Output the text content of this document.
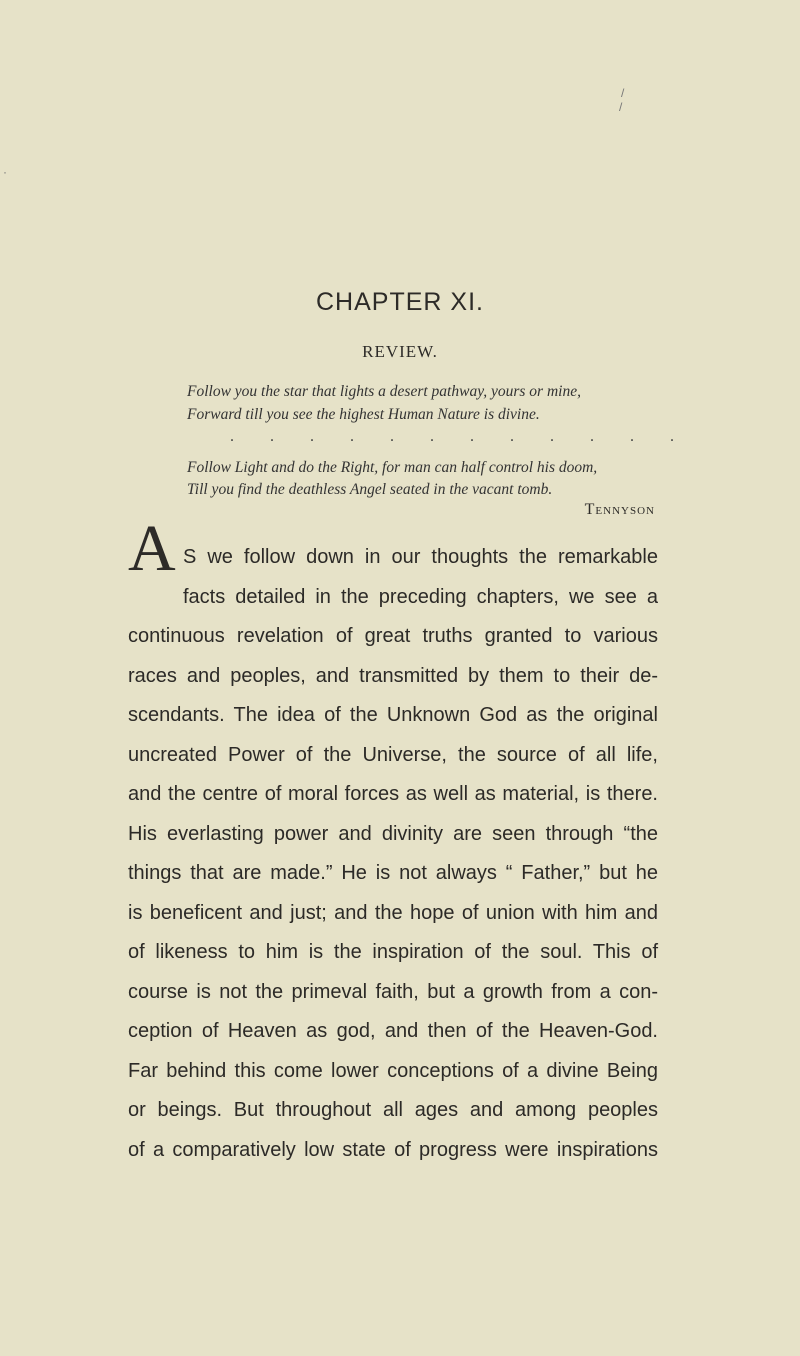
/
/
·
CHAPTER XI.
REVIEW.
Follow you the star that lights a desert pathway, yours or mine,
Forward till you see the highest Human Nature is divine.
. . . . . . . . . . . .
Follow Light and do the Right, for man can half control his doom,
Till you find the deathless Angel seated in the vacant tomb.
Tennyson
A S we follow down in our thoughts the remarkable
facts detailed in the preceding chapters, we see a
continuous revelation of great truths granted to various
races and peoples, and transmitted by them to their de-
scendants. The idea of the Unknown God as the original
uncreated Power of the Universe, the source of all life,
and the centre of moral forces as well as material, is there.
His everlasting power and divinity are seen through “the
things that are made.” He is not always “ Father,” but he
is beneficent and just; and the hope of union with him and
of likeness to him is the inspiration of the soul. This of
course is not the primeval faith, but a growth from a con-
ception of Heaven as god, and then of the Heaven-God.
Far behind this come lower conceptions of a divine Being
or beings. But throughout all ages and among peoples
of a comparatively low state of progress were inspirations
